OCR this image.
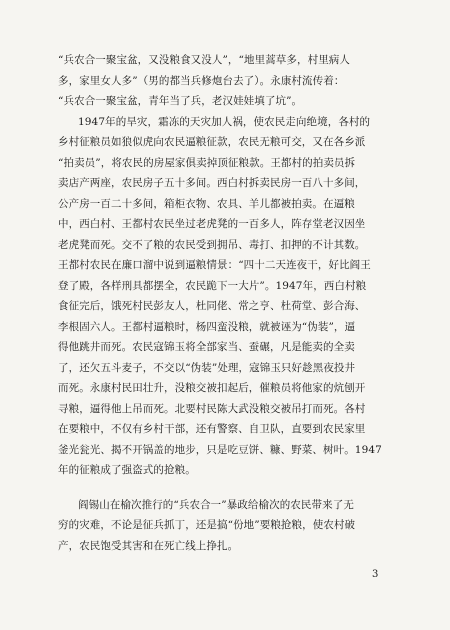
“兵农合一聚宝盆，又没粮食又没人”，“地里蒿草多，村里病人
多，家里女人多”（男的都当兵修炮台去了）。永康村流传着：
“兵农合一聚宝盆，青年当了兵，老汉娃娃填了坑”。
1947年的旱灾，霜冻的天灾加人祸，使农民走向绝境，各村的
乡村征粮员如狼似虎向农民逼粮征款，农民无粮可交，又在各乡派
“拍卖员”，将农民的房屋家俱卖掉顶征粮款。王都村的拍卖员拆
卖店产两座，农民房子五十多间。西白村拆卖民房一百八十多间，
公产房一百二十多间，箱柜衣物、农具、羊儿都被拍卖。在逼粮
中，西白村、王都村农民坐过老虎凳的一百多人，阵存堂老汉因坐
老虎凳而死。交不了粮的农民受到拥吊、毒打、扣押的不计其数。
王都村农民在廉口溜中说到逼粮情景：“四十二天连夜干，好比阎王
登了殿，各样刑具都摆全，农民跪下一大片”。1947年，西白村粮
食征完后，饿死村民彭友人，杜同佬、常之亨、杜荷堂、彭合海、
李根固六人。王都村逼粮时，杨四蛮没粮，就被诬为“伪装”，逼
得他跳井而死。农民寇锦玉将全部家当、蚕碾，凡是能卖的全卖
了，还欠五斗麦子，不交以“伪装”处理，寇锦玉只好趁黑夜投井
而死。永康村民田壮升，没粮交被扣起后，催粮员将他家的炕刨开
寻粮，逼得他上吊而死。北要村民陈大武没粮交被吊打而死。各村
在要粮中，不仅有乡村干部，还有警察、自卫队，直要到农民家里
釜光瓮光、揭不开锅盖的地步，只是吃豆饼、糠、野菜、树叶。1947
年的征粮成了强盗式的抢粮。
阎锡山在榆次推行的“兵农合一”暴政给榆次的农民带来了无
穷的灾难，不论是征兵抓丁，还是搞“份地”要粮抢粮，使农村破
产，农民饱受其害和在死亡线上挣扎。
3
